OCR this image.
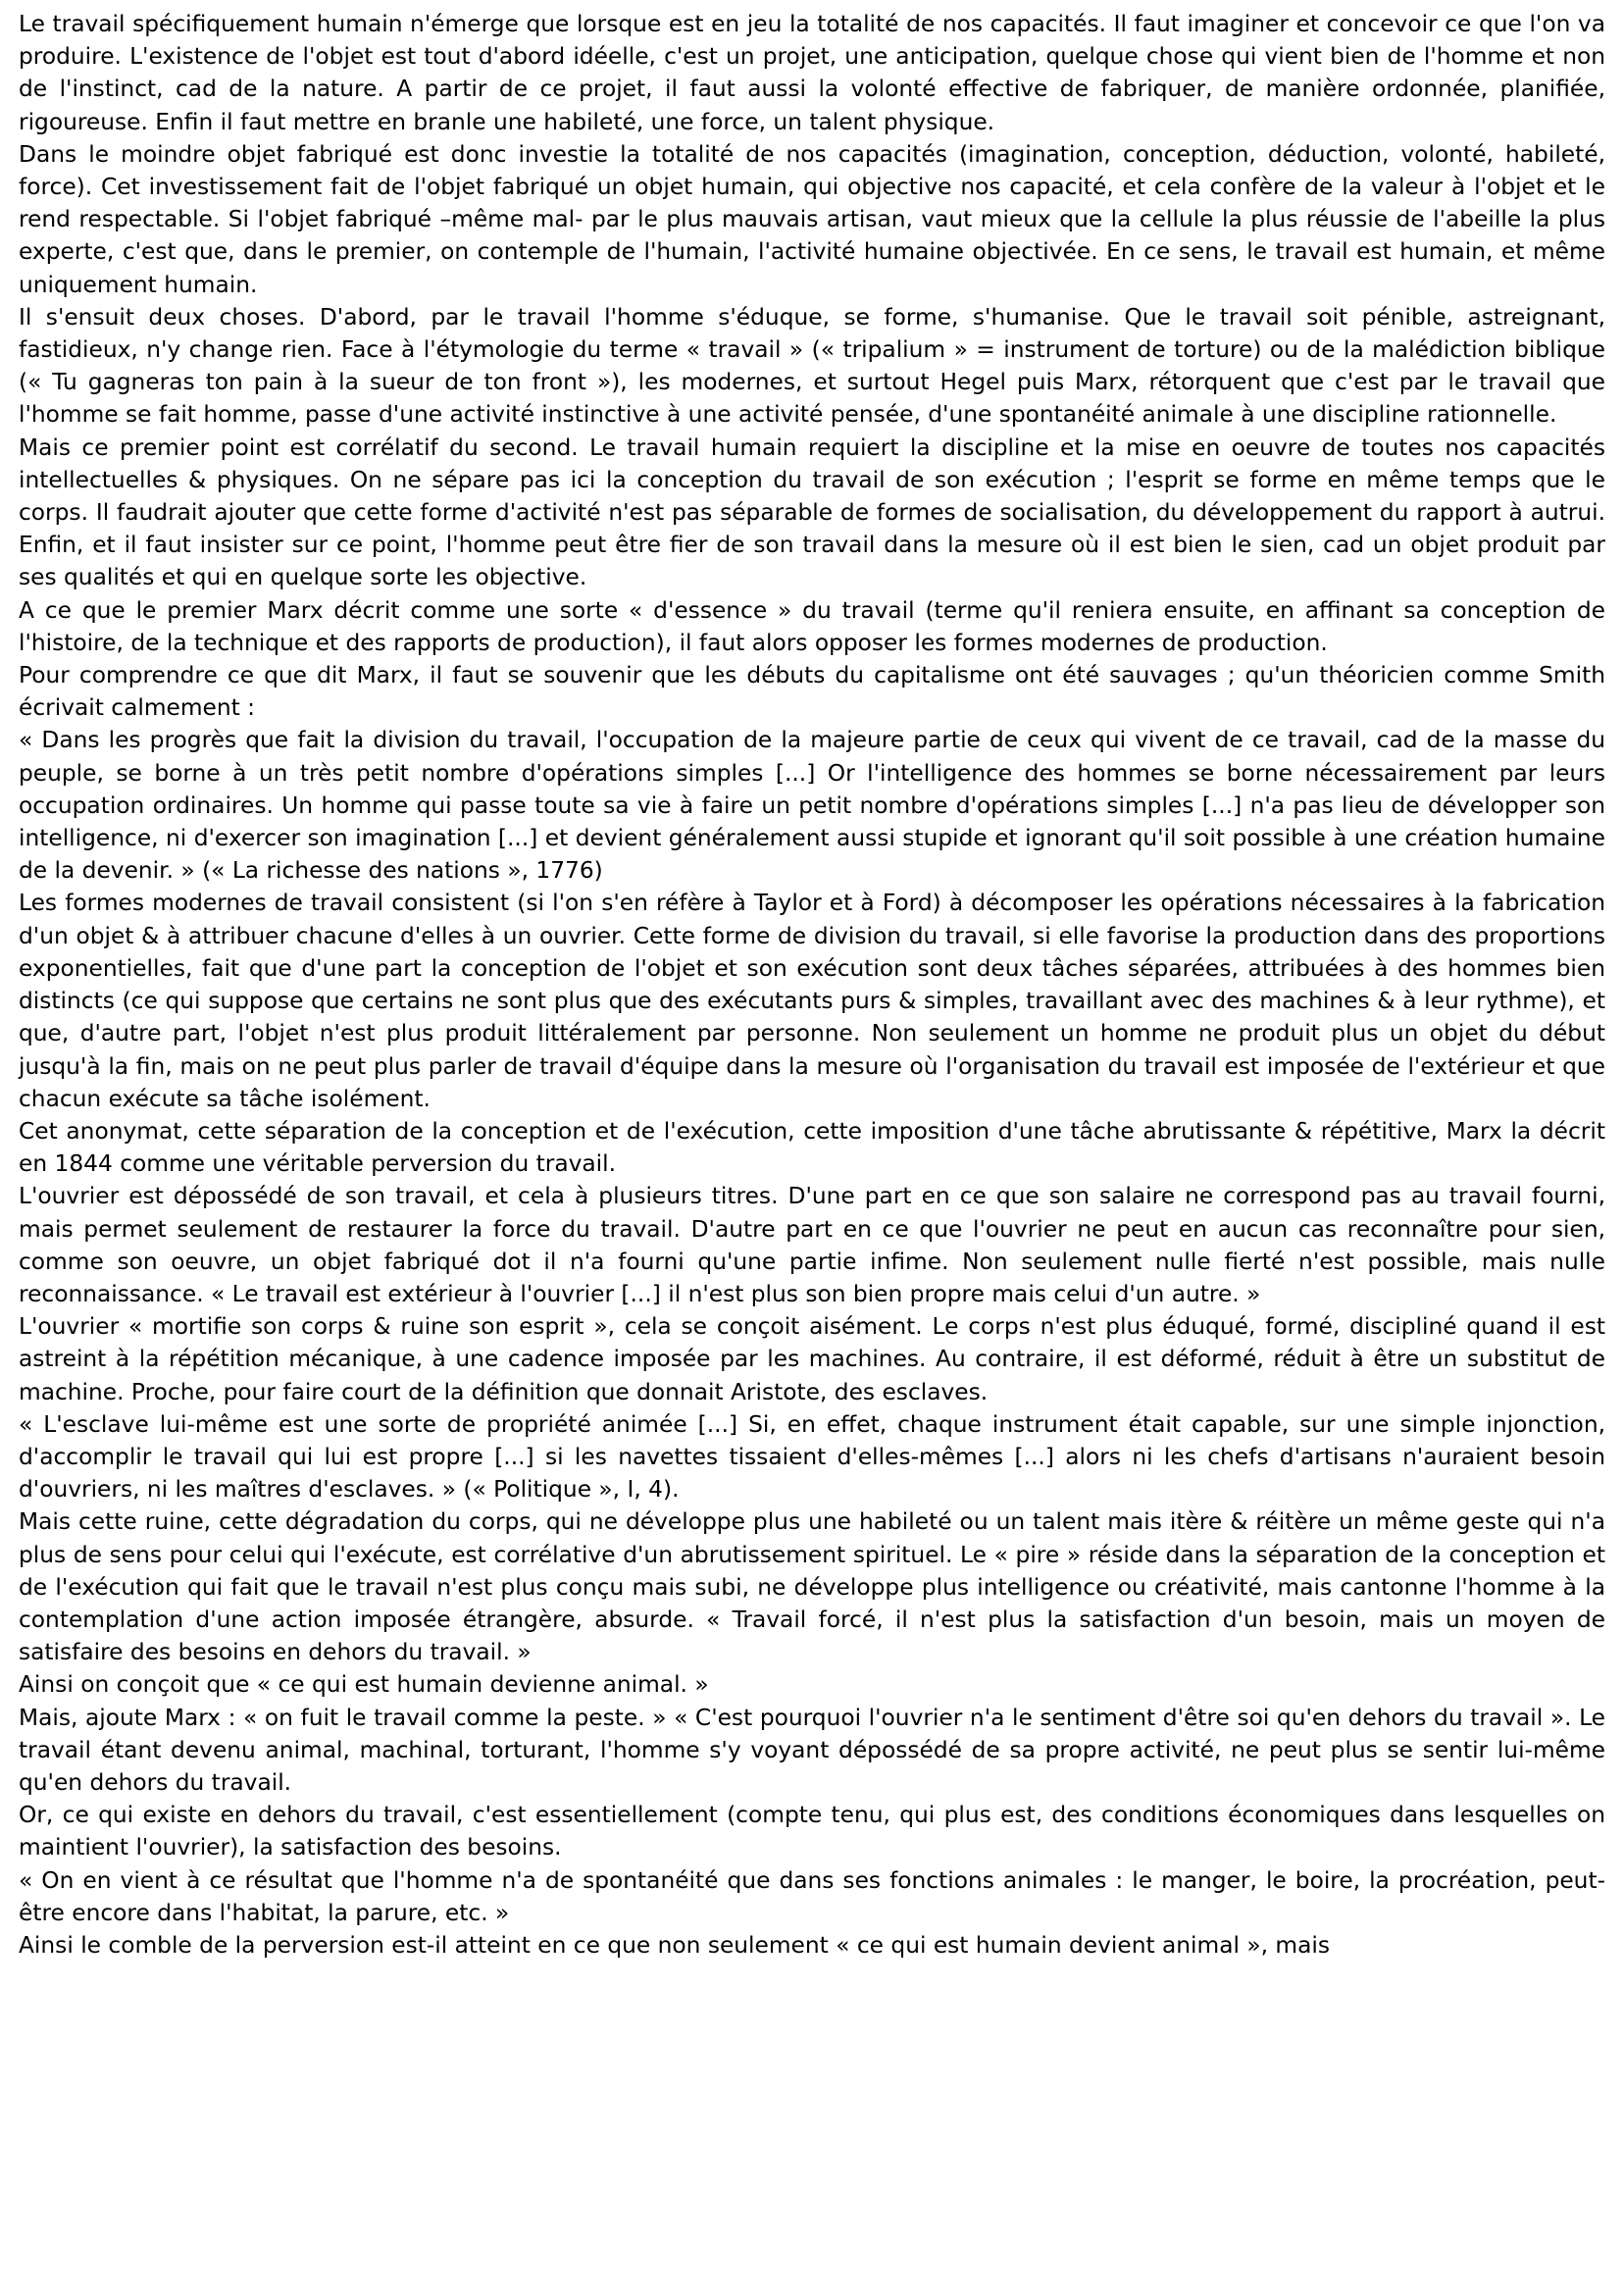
Le travail spécifiquement humain n'émerge que lorsque est en jeu la totalité de nos capacités. Il faut imaginer et concevoir ce que l'on va produire. L'existence de l'objet est tout d'abord idéelle, c'est un projet, une anticipation, quelque chose qui vient bien de l'homme et non de l'instinct, cad de la nature. A partir de ce projet, il faut aussi la volonté effective de fabriquer, de manière ordonnée, planifiée, rigoureuse. Enfin il faut mettre en branle une habileté, une force, un talent physique.

Dans le moindre objet fabriqué est donc investie la totalité de nos capacités (imagination, conception, déduction, volonté, habileté, force). Cet investissement fait de l'objet fabriqué un objet humain, qui objective nos capacité, et cela confère de la valeur à l'objet et le rend respectable. Si l'objet fabriqué –même mal- par le plus mauvais artisan, vaut mieux que la cellule la plus réussie de l'abeille la plus experte, c'est que, dans le premier, on contemple de l'humain, l'activité humaine objectivée. En ce sens, le travail est humain, et même uniquement humain.

Il s'ensuit deux choses. D'abord, par le travail l'homme s'éduque, se forme, s'humanise. Que le travail soit pénible, astreignant, fastidieux, n'y change rien. Face à l'étymologie du terme « travail » (« tripalium » = instrument de torture) ou de la malédiction biblique (« Tu gagneras ton pain à la sueur de ton front »), les modernes, et surtout Hegel puis Marx, rétorquent que c'est par le travail que l'homme se fait homme, passe d'une activité instinctive à une activité pensée, d'une spontanéité animale à une discipline rationnelle.

Mais ce premier point est corrélatif du second. Le travail humain requiert la discipline et la mise en oeuvre de toutes nos capacités intellectuelles & physiques. On ne sépare pas ici la conception du travail de son exécution ; l'esprit se forme en même temps que le corps. Il faudrait ajouter que cette forme d'activité n'est pas séparable de formes de socialisation, du développement du rapport à autrui. Enfin, et il faut insister sur ce point, l'homme peut être fier de son travail dans la mesure où il est bien le sien, cad un objet produit par ses qualités et qui en quelque sorte les objective.

A ce que le premier Marx décrit comme une sorte « d'essence » du travail (terme qu'il reniera ensuite, en affinant sa conception de l'histoire, de la technique et des rapports de production), il faut alors opposer les formes modernes de production.

Pour comprendre ce que dit Marx, il faut se souvenir que les débuts du capitalisme ont été sauvages ; qu'un théoricien comme Smith écrivait calmement :

« Dans les progrès que fait la division du travail, l'occupation de la majeure partie de ceux qui vivent de ce travail, cad de la masse du peuple, se borne à un très petit nombre d'opérations simples [...] Or l'intelligence des hommes se borne nécessairement par leurs occupation ordinaires. Un homme qui passe toute sa vie à faire un petit nombre d'opérations simples [...] n'a pas lieu de développer son intelligence, ni d'exercer son imagination [...] et devient généralement aussi stupide et ignorant qu'il soit possible à une création humaine de la devenir. » (« La richesse des nations », 1776)

Les formes modernes de travail consistent (si l'on s'en réfère à Taylor et à Ford) à décomposer les opérations nécessaires à la fabrication d'un objet & à attribuer chacune d'elles à un ouvrier. Cette forme de division du travail, si elle favorise la production dans des proportions exponentielles, fait que d'une part la conception de l'objet et son exécution sont deux tâches séparées, attribuées à des hommes bien distincts (ce qui suppose que certains ne sont plus que des exécutants purs & simples, travaillant avec des machines & à leur rythme), et que, d'autre part, l'objet n'est plus produit littéralement par personne. Non seulement un homme ne produit plus un objet du début jusqu'à la fin, mais on ne peut plus parler de travail d'équipe dans la mesure où l'organisation du travail est imposée de l'extérieur et que chacun exécute sa tâche isolément.

Cet anonymat, cette séparation de la conception et de l'exécution, cette imposition d'une tâche abrutissante & répétitive, Marx la décrit en 1844 comme une véritable perversion du travail.

L'ouvrier est dépossédé de son travail, et cela à plusieurs titres. D'une part en ce que son salaire ne correspond pas au travail fourni, mais permet seulement de restaurer la force du travail. D'autre part en ce que l'ouvrier ne peut en aucun cas reconnaître pour sien, comme son oeuvre, un objet fabriqué dot il n'a fourni qu'une partie infime. Non seulement nulle fierté n'est possible, mais nulle reconnaissance. « Le travail est extérieur à l'ouvrier [...] il n'est plus son bien propre mais celui d'un autre. »

L'ouvrier « mortifie son corps & ruine son esprit », cela se conçoit aisément. Le corps n'est plus éduqué, formé, discipliné quand il est astreint à la répétition mécanique, à une cadence imposée par les machines. Au contraire, il est déformé, réduit à être un substitut de machine. Proche, pour faire court de la définition que donnait Aristote, des esclaves.

« L'esclave lui-même est une sorte de propriété animée [...] Si, en effet, chaque instrument était capable, sur une simple injonction, d'accomplir le travail qui lui est propre [...] si les navettes tissaient d'elles-mêmes [...] alors ni les chefs d'artisans n'auraient besoin d'ouvriers, ni les maîtres d'esclaves. » (« Politique », I, 4).

Mais cette ruine, cette dégradation du corps, qui ne développe plus une habileté ou un talent mais itère & réitère un même geste qui n'a plus de sens pour celui qui l'exécute, est corrélative d'un abrutissement spirituel. Le « pire » réside dans la séparation de la conception et de l'exécution qui fait que le travail n'est plus conçu mais subi, ne développe plus intelligence ou créativité, mais cantonne l'homme à la contemplation d'une action imposée étrangère, absurde. « Travail forcé, il n'est plus la satisfaction d'un besoin, mais un moyen de satisfaire des besoins en dehors du travail. »

Ainsi on conçoit que « ce qui est humain devienne animal. »

Mais, ajoute Marx : « on fuit le travail comme la peste. » « C'est pourquoi l'ouvrier n'a le sentiment d'être soi qu'en dehors du travail ». Le travail étant devenu animal, machinal, torturant, l'homme s'y voyant dépossédé de sa propre activité, ne peut plus se sentir lui-même qu'en dehors du travail.

Or, ce qui existe en dehors du travail, c'est essentiellement (compte tenu, qui plus est, des conditions économiques dans lesquelles on maintient l'ouvrier), la satisfaction des besoins.

« On en vient à ce résultat que l'homme n'a de spontanéité que dans ses fonctions animales : le manger, le boire, la procréation, peut-être encore dans l'habitat, la parure, etc. »

Ainsi le comble de la perversion est-il atteint en ce que non seulement « ce qui est humain devient animal », mais
